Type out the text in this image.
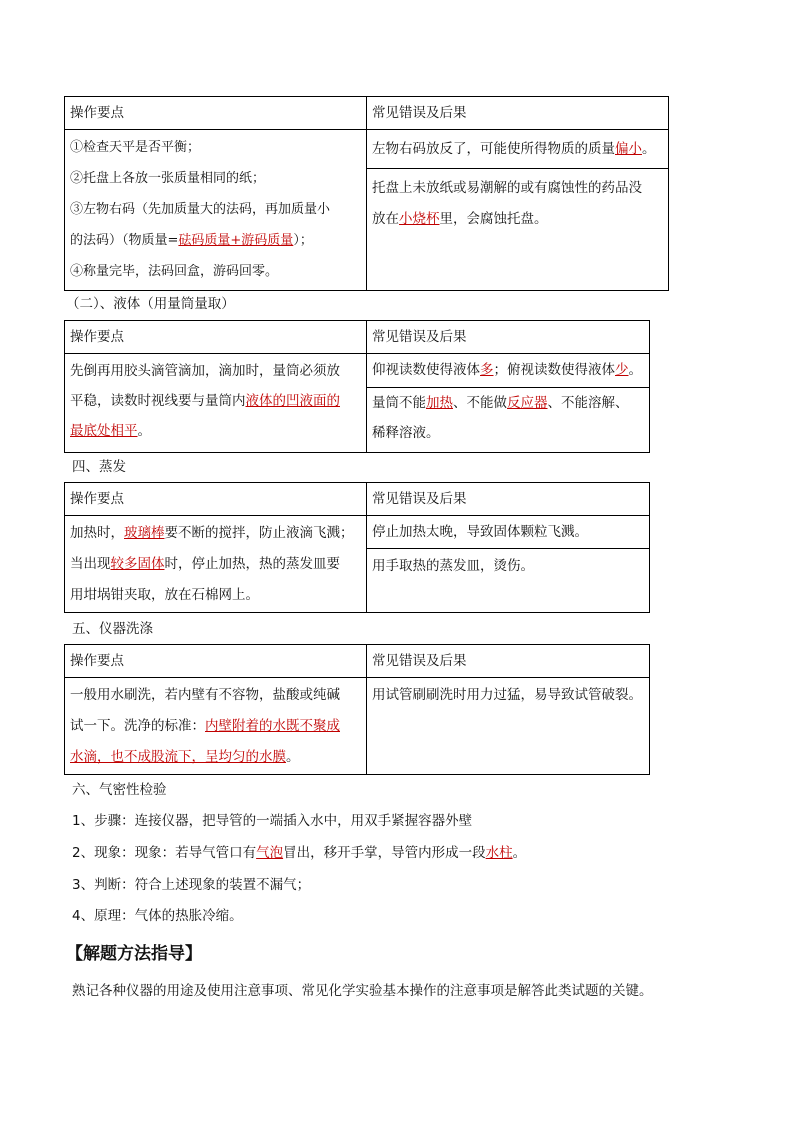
操作要点	常见错误及后果

①检查天平是否平衡；
②托盘上各放一张质量相同的纸；
③左物右码（先加质量大的法码，再加质量小
的法码）（物质量=砝码质量+游码质量）；
④称量完毕，法码回盒，游码回零。	左物右码放反了，可能使所得物质的质量偏小。

	托盘上未放纸或易潮解的或有腐蚀性的药品没
放在小烧杯里，会腐蚀托盘。
（二）、液体（用量筒量取）
操作要点	常见错误及后果

先倒再用胶头滴管滴加，滴加时，量筒必须放
平稳，读数时视线要与量筒内液体的凹液面的
最底处相平。	仰视读数使得液体多；俯视读数使得液体少。

	量筒不能加热、不能做反应器、不能溶解、
稀释溶液。
四、蒸发
操作要点	常见错误及后果

加热时，玻璃棒要不断的搅拌，防止液滴飞溅；
当出现较多固体时，停止加热，热的蒸发皿要
用坩埚钳夹取，放在石棉网上。	停止加热太晚，导致固体颗粒飞溅。
	用手取热的蒸发皿，烫伤。
五、仪器洗涤
操作要点	常见错误及后果

一般用水刷洗，若内壁有不容物，盐酸或纯碱
试一下。洗净的标准：内壁附着的水既不聚成
水滴，也不成股流下，呈均匀的水膜。	用试管刷刷洗时用力过猛，易导致试管破裂。
六、气密性检验
1、步骤：连接仪器，把导管的一端插入水中，用双手紧握容器外壁
2、现象：现象：若导气管口有气泡冒出，移开手掌，导管内形成一段水柱。
3、判断：符合上述现象的装置不漏气；
4、原理：气体的热胀冷缩。
【解题方法指导】
熟记各种仪器的用途及使用注意事项、常见化学实验基本操作的注意事项是解答此类试题的关键。
